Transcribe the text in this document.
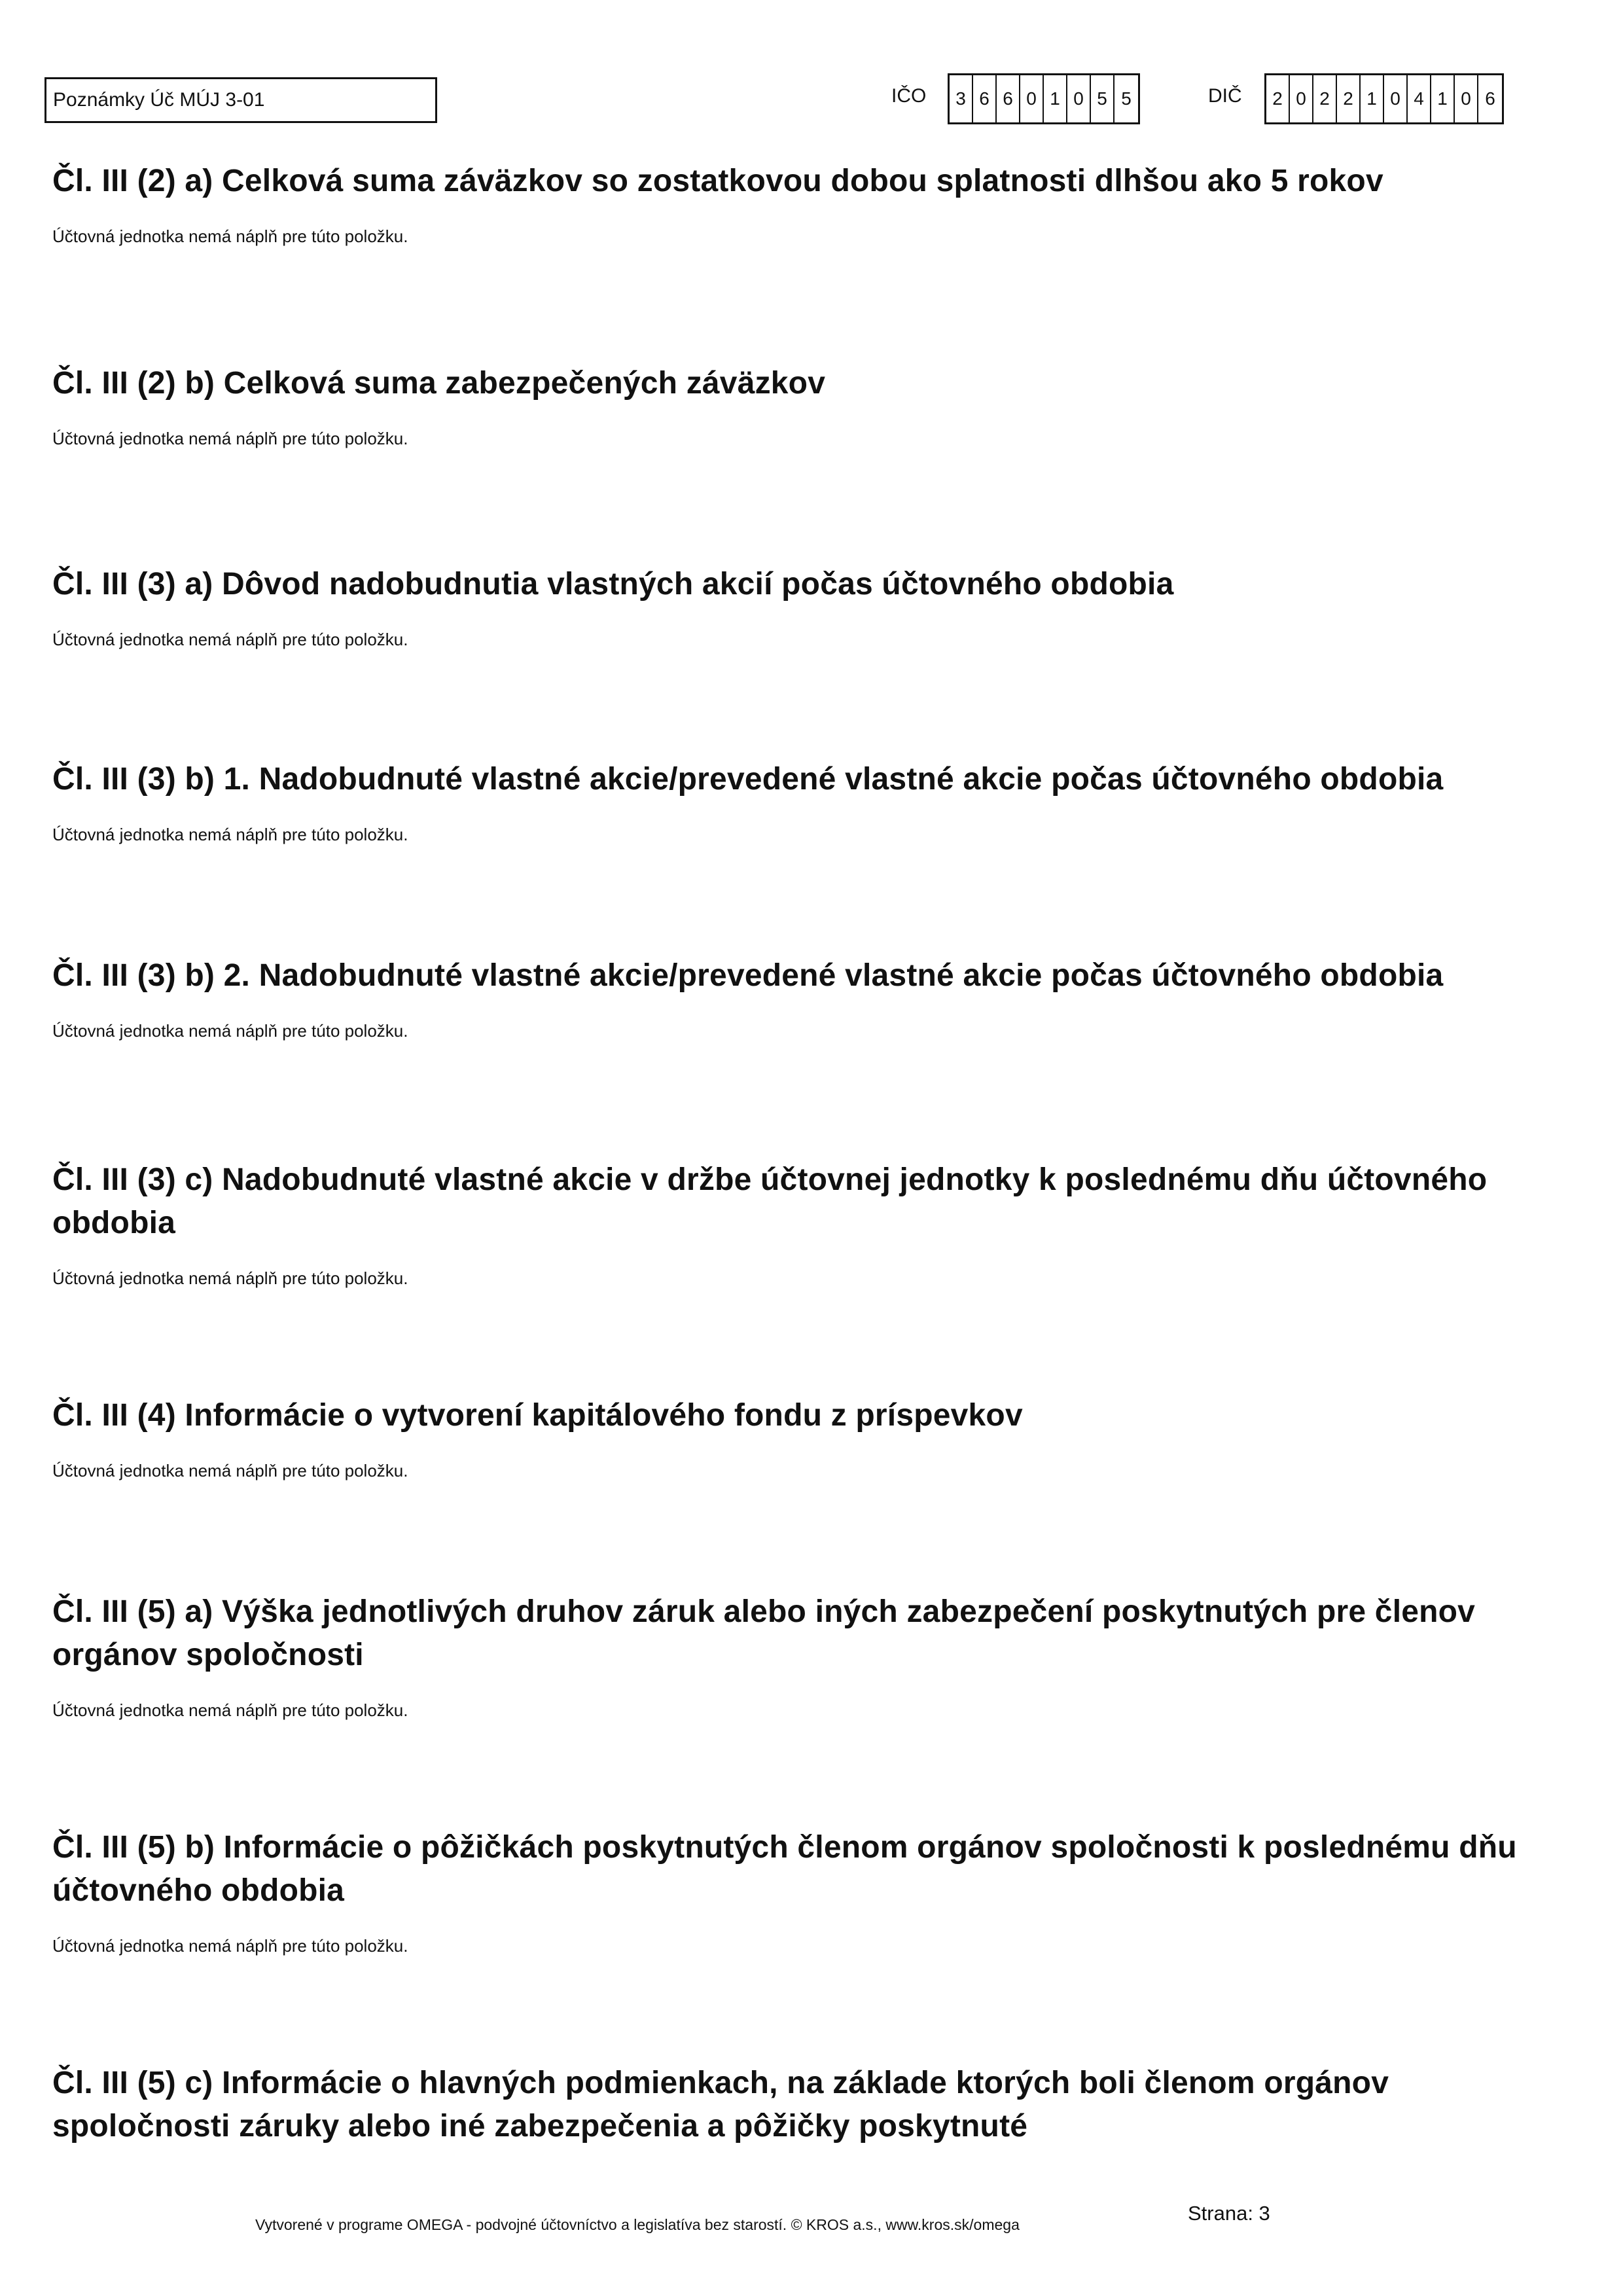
Poznámky Úč MÚJ 3-01	IČO	3 6 6 0 1 0 5 5	DIČ	2 0 2 2 1 0 4 1 0 6
Čl. III (2) a) Celková suma záväzkov so zostatkovou dobou splatnosti dlhšou ako 5 rokov

Účtovná jednotka nemá náplň pre túto položku.

Čl. III (2) b) Celková suma zabezpečených záväzkov

Účtovná jednotka nemá náplň pre túto položku.

Čl. III (3) a) Dôvod nadobudnutia vlastných akcií počas účtovného obdobia

Účtovná jednotka nemá náplň pre túto položku.

Čl. III (3) b) 1. Nadobudnuté vlastné akcie/prevedené vlastné akcie počas účtovného obdobia

Účtovná jednotka nemá náplň pre túto položku.

Čl. III (3) b) 2. Nadobudnuté vlastné akcie/prevedené vlastné akcie počas účtovného obdobia

Účtovná jednotka nemá náplň pre túto položku.

Čl. III (3) c) Nadobudnuté vlastné akcie v držbe účtovnej jednotky k poslednému dňu účtovného obdobia

Účtovná jednotka nemá náplň pre túto položku.

Čl. III (4) Informácie o vytvorení kapitálového fondu z príspevkov

Účtovná jednotka nemá náplň pre túto položku.

Čl. III (5) a) Výška jednotlivých druhov záruk alebo iných zabezpečení poskytnutých pre členov orgánov spoločnosti

Účtovná jednotka nemá náplň pre túto položku.

Čl. III (5) b) Informácie o pôžičkách poskytnutých členom orgánov spoločnosti k poslednému dňu účtovného obdobia

Účtovná jednotka nemá náplň pre túto položku.

Čl. III (5) c) Informácie o hlavných podmienkach, na základe ktorých boli členom orgánov spoločnosti záruky alebo iné zabezpečenia a pôžičky poskytnuté
Vytvorené v programe OMEGA - podvojné účtovníctvo a legislatíva bez starostí. © KROS a.s., www.kros.sk/omega	Strana: 3
